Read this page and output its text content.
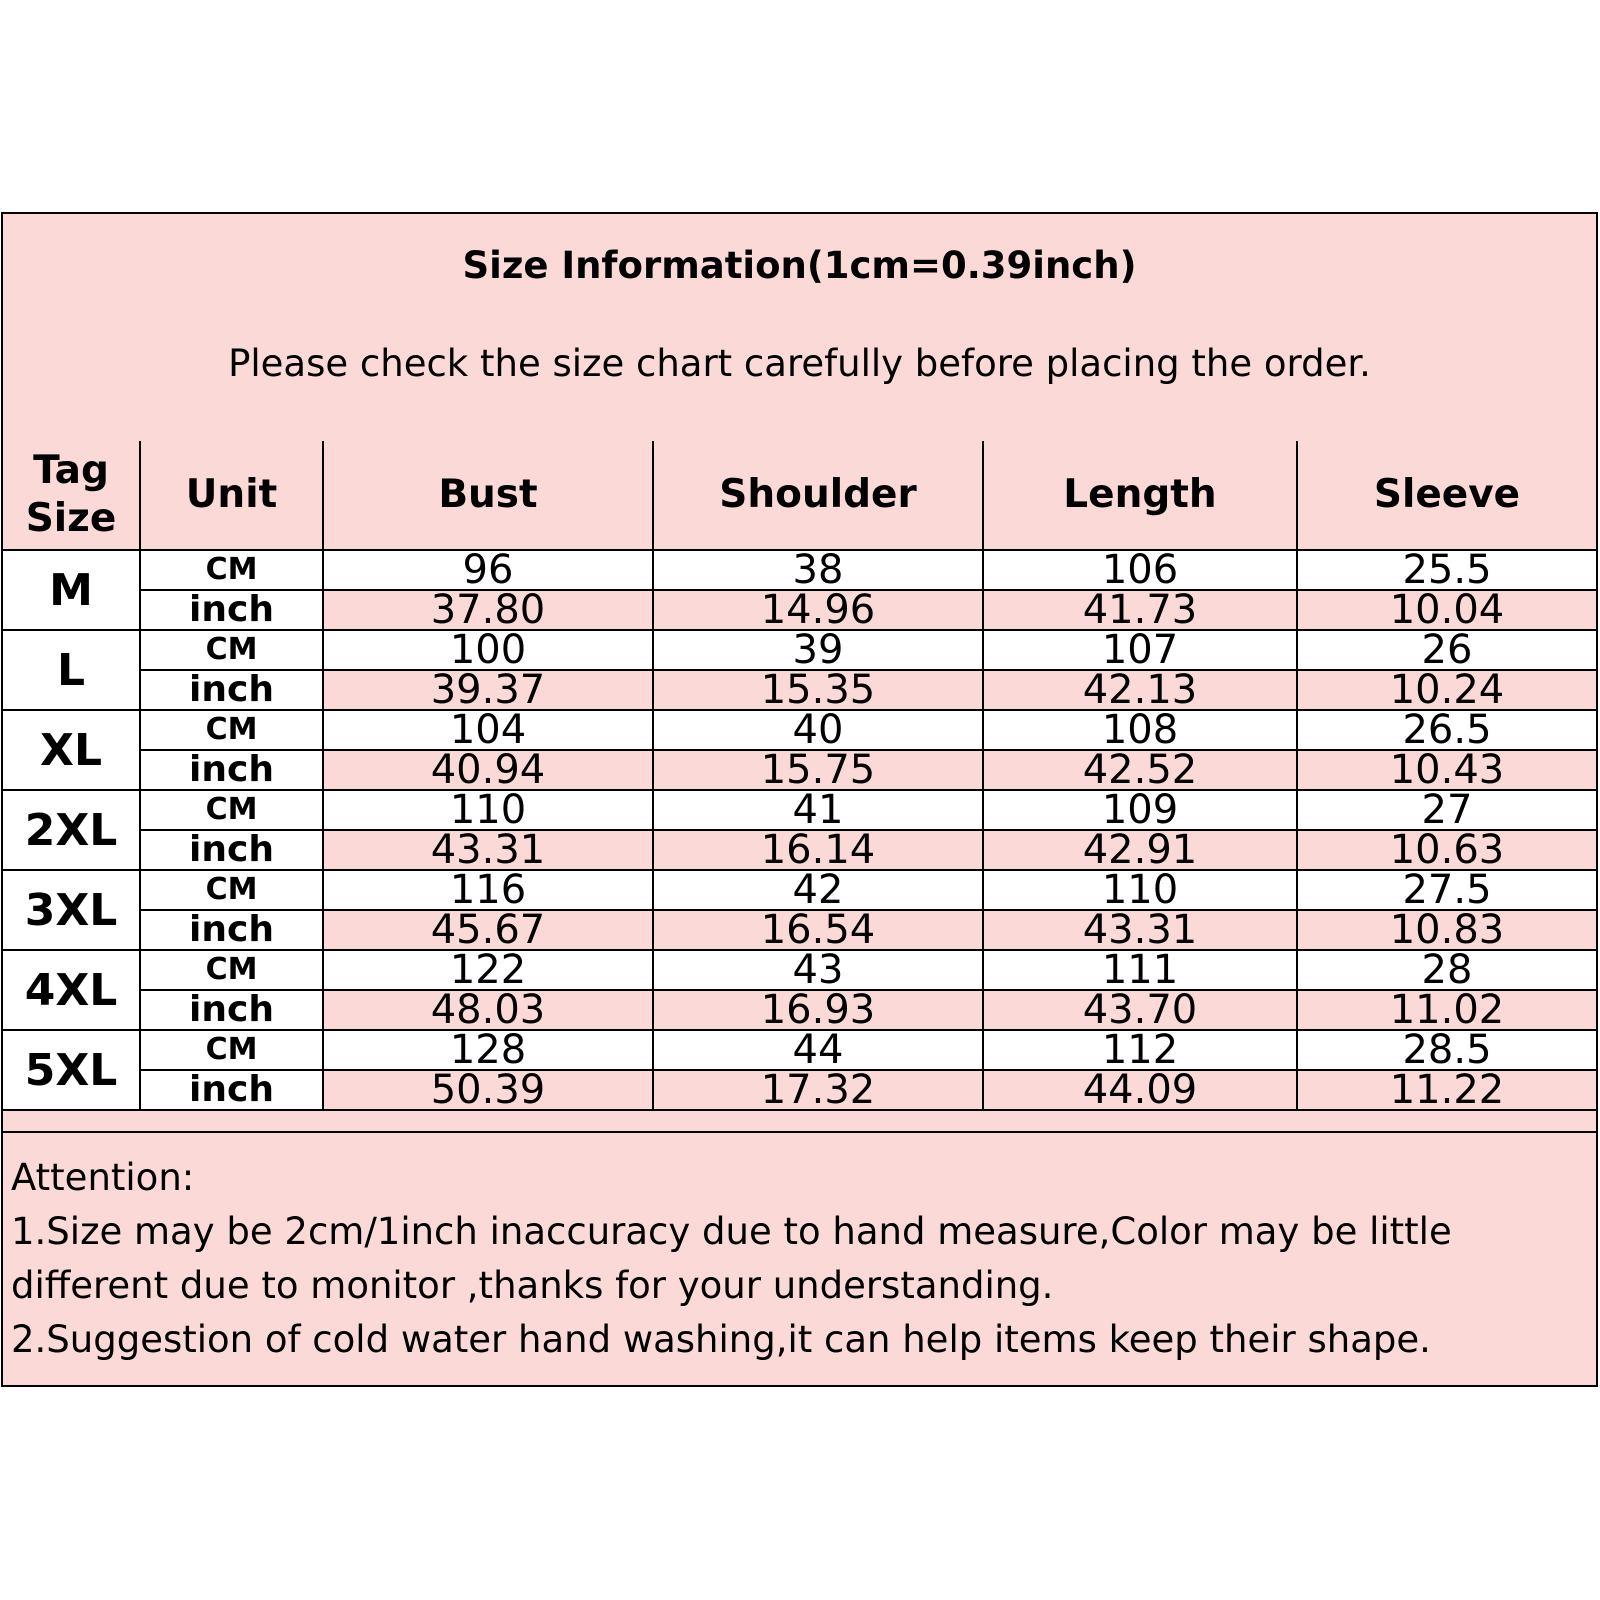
Size Information(1cm=0.39inch)
Please check the size chart carefully before placing the order.
Tag
Size	Unit	Bust	Shoulder	Length	Sleeve
M	CM	96	38	106	25.5
	inch	37.80	14.96	41.73	10.04
L	CM	100	39	107	26
	inch	39.37	15.35	42.13	10.24
XL	CM	104	40	108	26.5
	inch	40.94	15.75	42.52	10.43
2XL	CM	110	41	109	27
	inch	43.31	16.14	42.91	10.63
3XL	CM	116	42	110	27.5
	inch	45.67	16.54	43.31	10.83
4XL	CM	122	43	111	28
	inch	48.03	16.93	43.70	11.02
5XL	CM	128	44	112	28.5
	inch	50.39	17.32	44.09	11.22
Attention:
1.Size may be 2cm/1inch inaccuracy due to hand measure,Color may be little
different due to monitor ,thanks for your understanding.
2.Suggestion of cold water hand washing,it can help items keep their shape.
